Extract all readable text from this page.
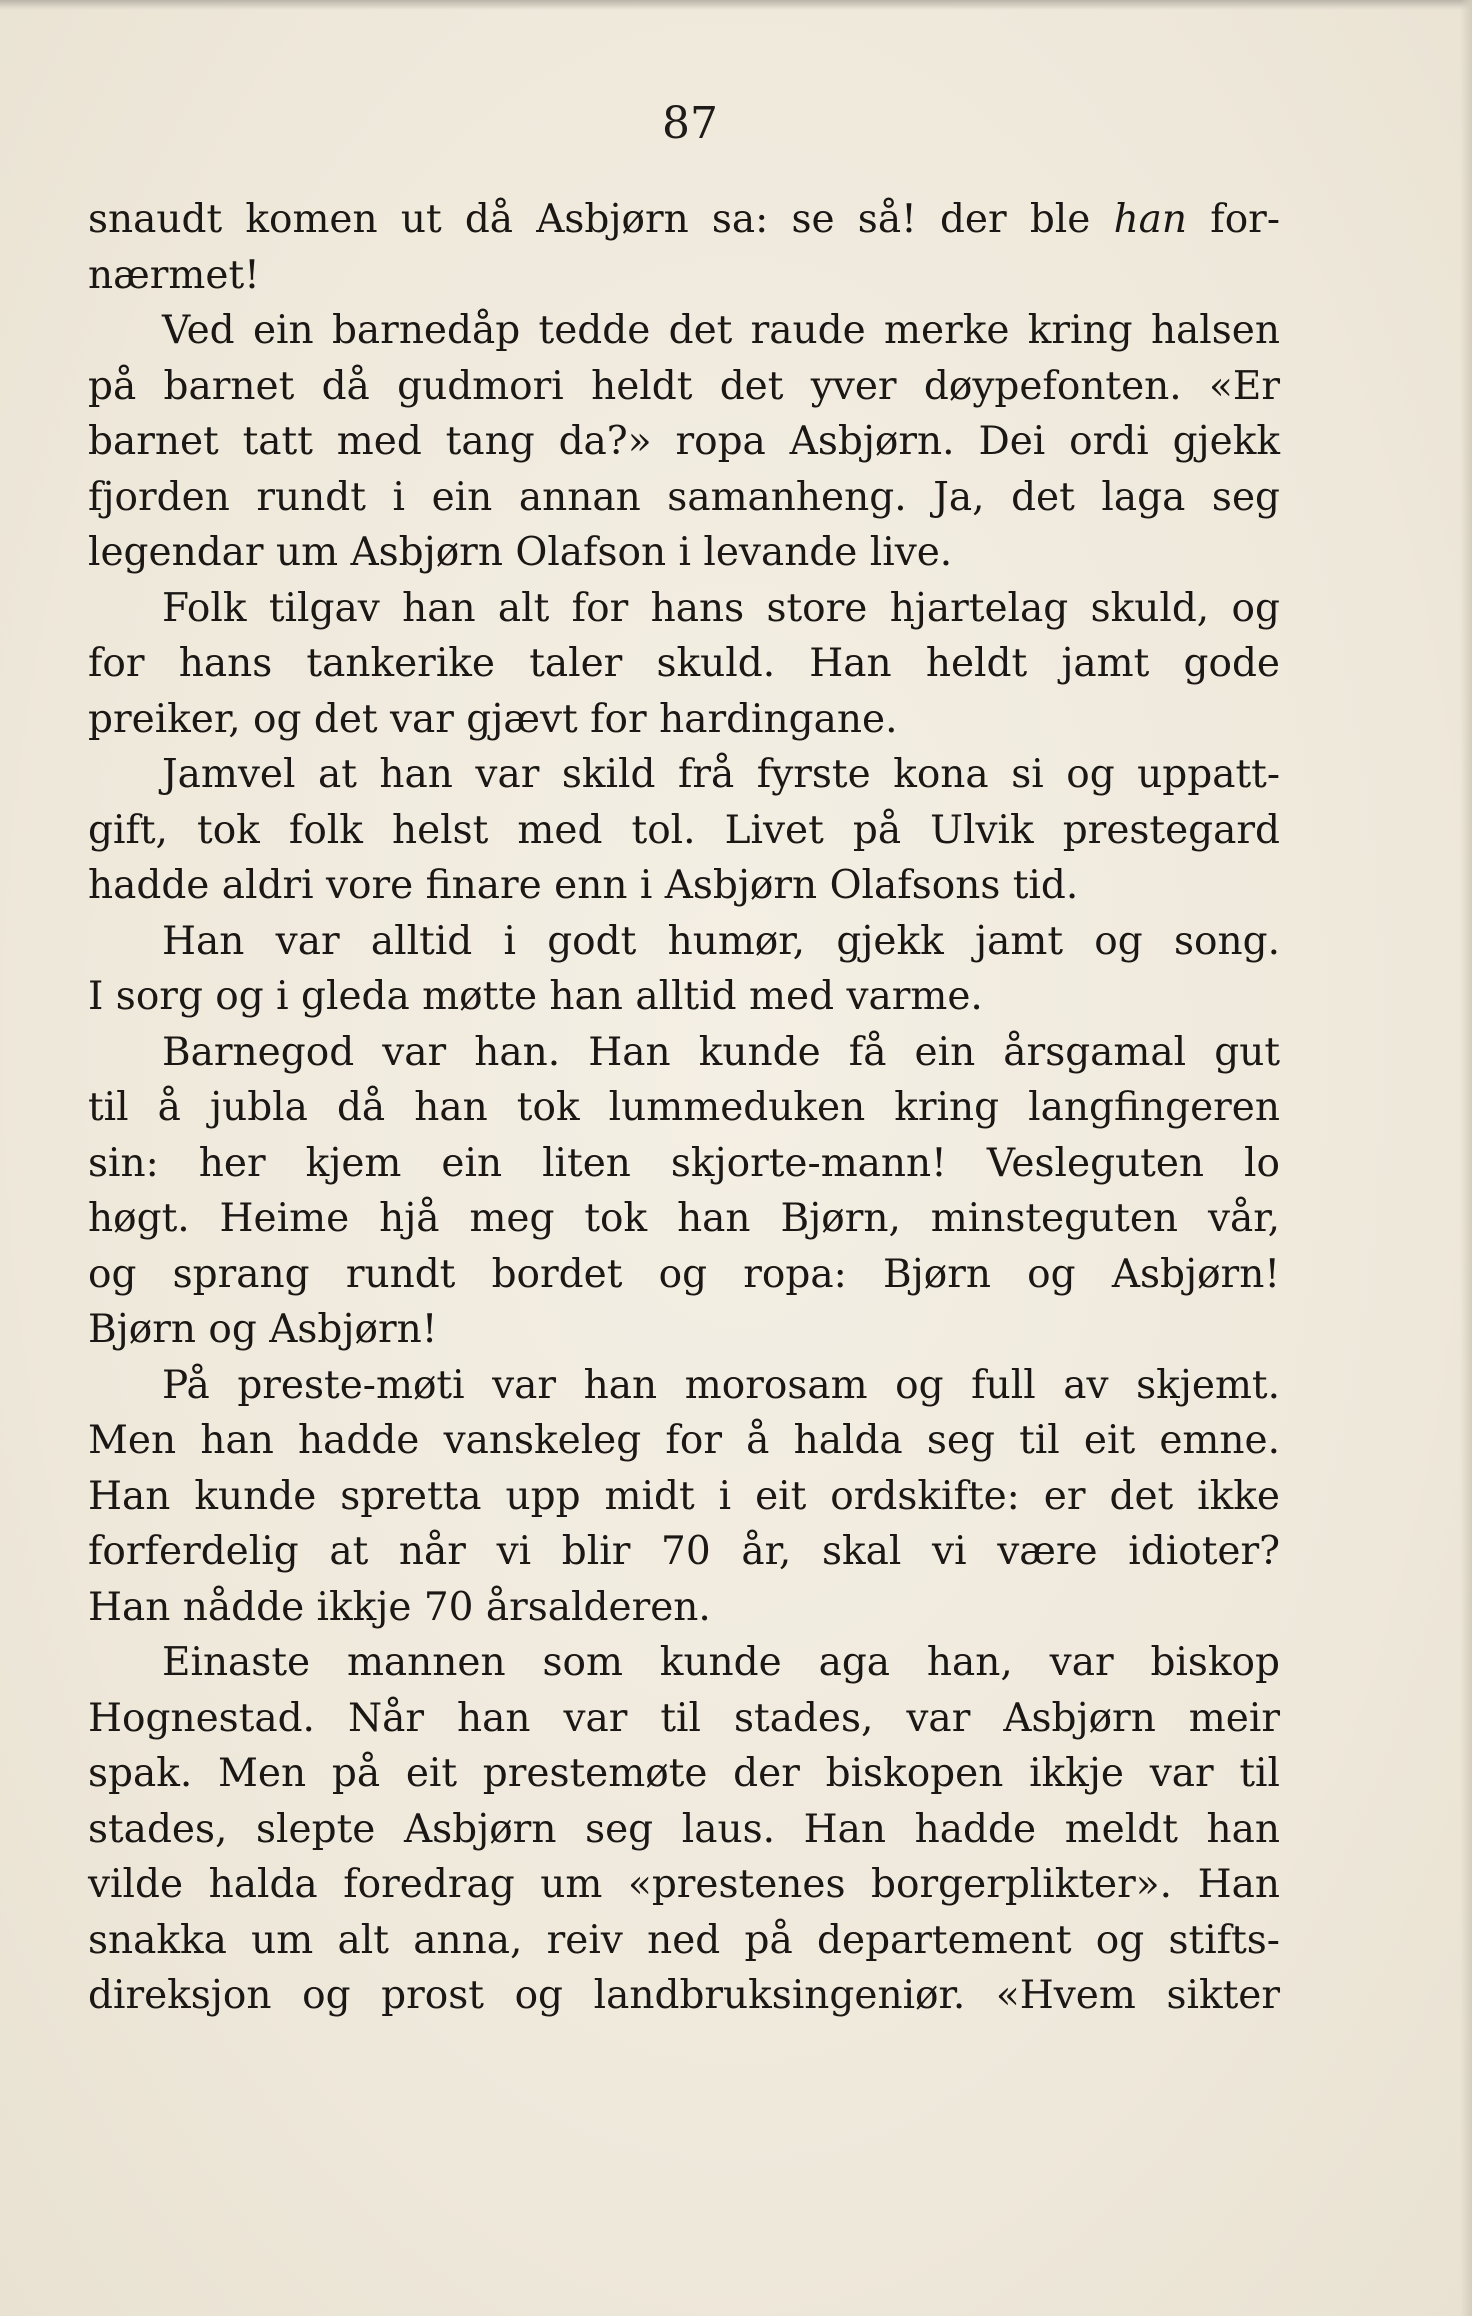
87
snaudt komen ut då Asbjørn sa: se så! der ble han for-
nærmet!
Ved ein barnedåp tedde det raude merke kring halsen
på barnet då gudmori heldt det yver døypefonten. «Er
barnet tatt med tang da?» ropa Asbjørn. Dei ordi gjekk
fjorden rundt i ein annan samanheng. Ja, det laga seg
legendar um Asbjørn Olafson i levande live.
Folk tilgav han alt for hans store hjartelag skuld, og
for hans tankerike taler skuld. Han heldt jamt gode
preiker, og det var gjævt for hardingane.
Jamvel at han var skild frå fyrste kona si og uppatt-
gift, tok folk helst med tol. Livet på Ulvik prestegard
hadde aldri vore finare enn i Asbjørn Olafsons tid.
Han var alltid i godt humør, gjekk jamt og song.
I sorg og i gleda møtte han alltid med varme.
Barnegod var han. Han kunde få ein årsgamal gut
til å jubla då han tok lummeduken kring langfingeren
sin: her kjem ein liten skjorte-mann! Vesleguten lo
høgt. Heime hjå meg tok han Bjørn, minsteguten vår,
og sprang rundt bordet og ropa: Bjørn og Asbjørn!
Bjørn og Asbjørn!
På preste-møti var han morosam og full av skjemt.
Men han hadde vanskeleg for å halda seg til eit emne.
Han kunde spretta upp midt i eit ordskifte: er det ikke
forferdelig at når vi blir 70 år, skal vi være idioter?
Han nådde ikkje 70 årsalderen.
Einaste mannen som kunde aga han, var biskop
Hognestad. Når han var til stades, var Asbjørn meir
spak. Men på eit prestemøte der biskopen ikkje var til
stades, slepte Asbjørn seg laus. Han hadde meldt han
vilde halda foredrag um «prestenes borgerplikter». Han
snakka um alt anna, reiv ned på departement og stifts-
direksjon og prost og landbruksingeniør. «Hvem sikter
